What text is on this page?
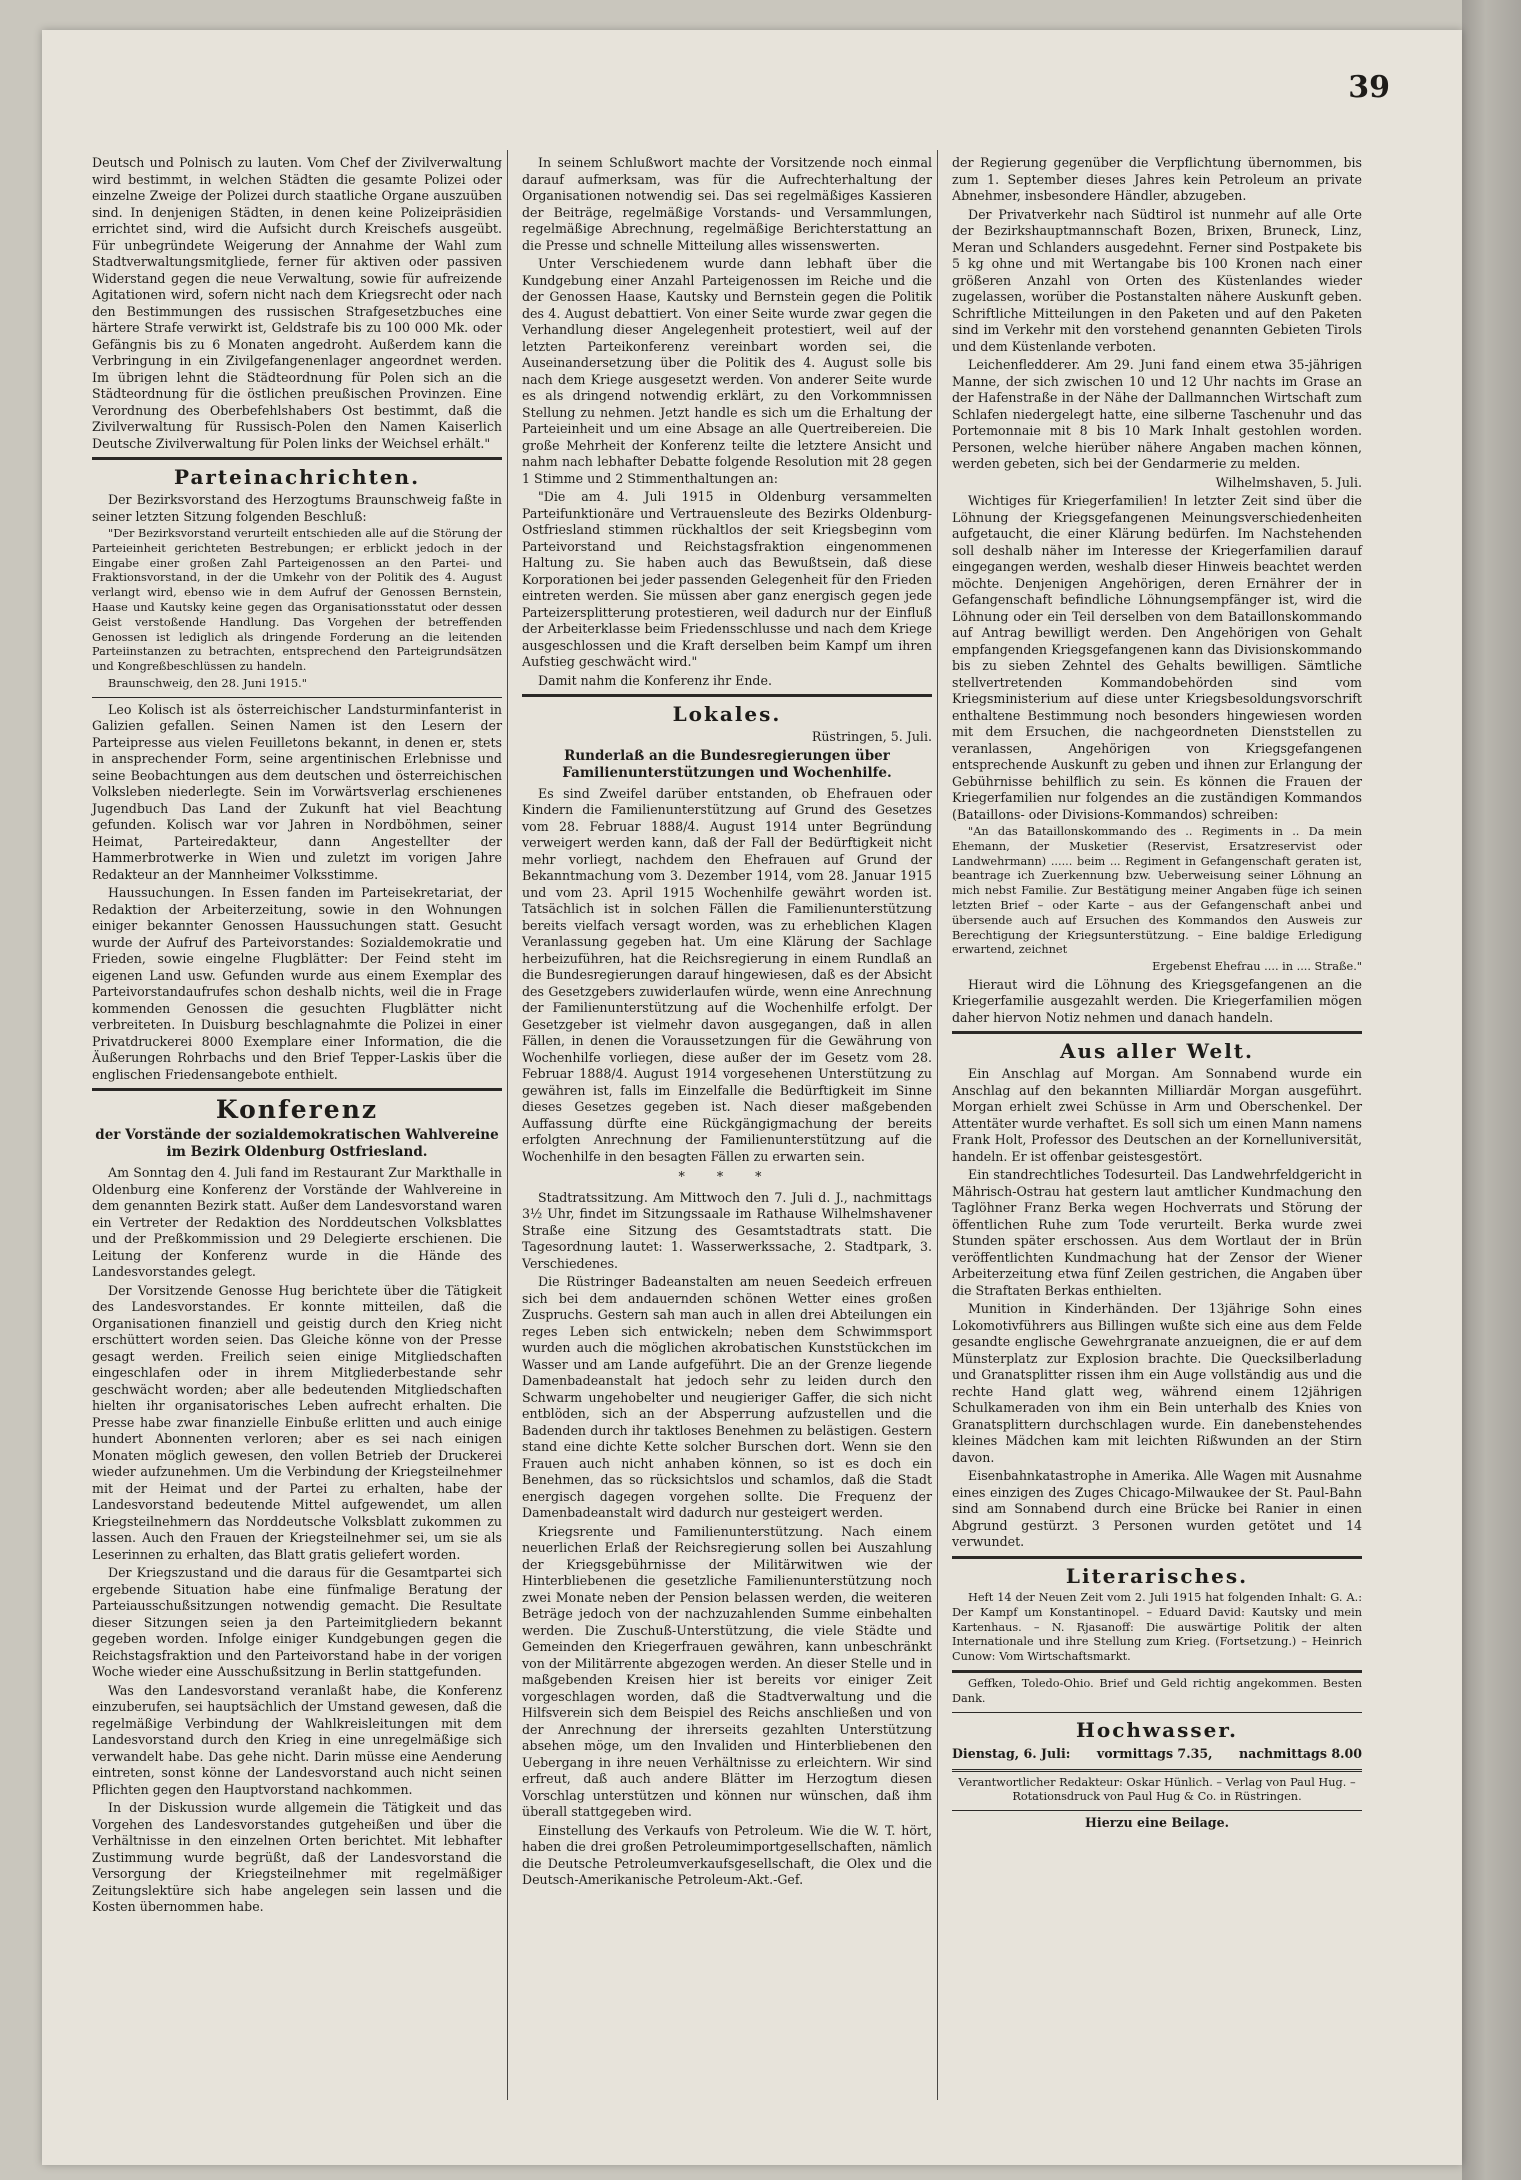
39

Deutsch und Polnisch zu lauten. Vom Chef der Zivilverwaltung wird bestimmt, in welchen Städten die gesamte Polizei oder einzelne Zweige der Polizei durch staatliche Organe auszuüben sind. In denjenigen Städten, in denen keine Polizeipräsidien errichtet sind, wird die Aufsicht durch Kreischefs ausgeübt. Für unbegründete Weigerung der Annahme der Wahl zum Stadtverwaltungsmitgliede, ferner für aktiven oder passiven Widerstand gegen die neue Verwaltung, sowie für aufreizende Agitationen wird, sofern nicht nach dem Kriegsrecht oder nach den Bestimmungen des russischen Strafgesetzbuches eine härtere Strafe verwirkt ist, Geldstrafe bis zu 100 000 Mk. oder Gefängnis bis zu 6 Monaten angedroht. Außerdem kann die Verbringung in ein Zivilgefangenenlager angeordnet werden. Im übrigen lehnt die Städteordnung für Polen sich an die Städteordnung für die östlichen preußischen Provinzen. Eine Verordnung des Oberbefehlshabers Ost bestimmt, daß die Zivilverwaltung für Russisch-Polen den Namen Kaiserlich Deutsche Zivilverwaltung für Polen links der Weichsel erhält."

Parteinachrichten.

Der Bezirksvorstand des Herzogtums Braunschweig faßte in seiner letzten Sitzung folgenden Beschluß:

"Der Bezirksvorstand verurteilt entschieden alle auf die Störung der Parteieinheit gerichteten Bestrebungen; er erblickt jedoch in der Eingabe einer großen Zahl Parteigenossen an den Partei- und Fraktionsvorstand, in der die Umkehr von der Politik des 4. August verlangt wird, ebenso wie in dem Aufruf der Genossen Bernstein, Haase und Kautsky keine gegen das Organisationsstatut oder dessen Geist verstoßende Handlung. Das Vorgehen der betreffenden Genossen ist lediglich als dringende Forderung an die leitenden Parteiinstanzen zu betrachten, entsprechend den Parteigrundsätzen und Kongreßbeschlüssen zu handeln.

Braunschweig, den 28. Juni 1915."

Leo Kolisch ist als österreichischer Landsturminfanterist in Galizien gefallen. Seinen Namen ist den Lesern der Parteipresse aus vielen Feuilletons bekannt, in denen er, stets in ansprechender Form, seine argentinischen Erlebnisse und seine Beobachtungen aus dem deutschen und österreichischen Volksleben niederlegte. Sein im Vorwärtsverlag erschienenes Jugendbuch Das Land der Zukunft hat viel Beachtung gefunden. Kolisch war vor Jahren in Nordböhmen, seiner Heimat, Parteiredakteur, dann Angestellter der Hammerbrotwerke in Wien und zuletzt im vorigen Jahre Redakteur an der Mannheimer Volksstimme.

Haussuchungen. In Essen fanden im Parteisekretariat, der Redaktion der Arbeiterzeitung, sowie in den Wohnungen einiger bekannter Genossen Haussuchungen statt. Gesucht wurde der Aufruf des Parteivorstandes: Sozialdemokratie und Frieden, sowie eingelne Flugblätter: Der Feind steht im eigenen Land usw. Gefunden wurde aus einem Exemplar des Parteivorstandaufrufes schon deshalb nichts, weil die in Frage kommenden Genossen die gesuchten Flugblätter nicht verbreiteten. In Duisburg beschlagnahmte die Polizei in einer Privatdruckerei 8000 Exemplare einer Information, die die Äußerungen Rohrbachs und den Brief Tepper-Laskis über die englischen Friedensangebote enthielt.

Konferenz
der Vorstände der sozialdemokratischen Wahlvereine im Bezirk Oldenburg Ostfriesland.

Am Sonntag den 4. Juli fand im Restaurant Zur Markthalle in Oldenburg eine Konferenz der Vorstände der Wahlvereine in dem genannten Bezirk statt. Außer dem Landesvorstand waren ein Vertreter der Redaktion des Norddeutschen Volksblattes und der Preßkommission und 29 Delegierte erschienen. Die Leitung der Konferenz wurde in die Hände des Landesvorstandes gelegt.

Der Vorsitzende Genosse Hug berichtete über die Tätigkeit des Landesvorstandes. Er konnte mitteilen, daß die Organisationen finanziell und geistig durch den Krieg nicht erschüttert worden seien. Das Gleiche könne von der Presse gesagt werden. Freilich seien einige Mitgliedschaften eingeschlafen oder in ihrem Mitgliederbestande sehr geschwächt worden; aber alle bedeutenden Mitgliedschaften hielten ihr organisatorisches Leben aufrecht erhalten. Die Presse habe zwar finanzielle Einbuße erlitten und auch einige hundert Abonnenten verloren; aber es sei nach einigen Monaten möglich gewesen, den vollen Betrieb der Druckerei wieder aufzunehmen. Um die Verbindung der Kriegsteilnehmer mit der Heimat und der Partei zu erhalten, habe der Landesvorstand bedeutende Mittel aufgewendet, um allen Kriegsteilnehmern das Norddeutsche Volksblatt zukommen zu lassen. Auch den Frauen der Kriegsteilnehmer sei, um sie als Leserinnen zu erhalten, das Blatt gratis geliefert worden.

Der Kriegszustand und die daraus für die Gesamtpartei sich ergebende Situation habe eine fünfmalige Beratung der Parteiausschußsitzungen notwendig gemacht. Die Resultate dieser Sitzungen seien ja den Parteimitgliedern bekannt gegeben worden. Infolge einiger Kundgebungen gegen die Reichstagsfraktion und den Parteivorstand habe in der vorigen Woche wieder eine Ausschußsitzung in Berlin stattgefunden.

Was den Landesvorstand veranlaßt habe, die Konferenz einzuberufen, sei hauptsächlich der Umstand gewesen, daß die regelmäßige Verbindung der Wahlkreisleitungen mit dem Landesvorstand durch den Krieg in eine unregelmäßige sich verwandelt habe. Das gehe nicht. Darin müsse eine Aenderung eintreten, sonst könne der Landesvorstand auch nicht seinen Pflichten gegen den Hauptvorstand nachkommen.

In der Diskussion wurde allgemein die Tätigkeit und das Vorgehen des Landesvorstandes gutgeheißen und über die Verhältnisse in den einzelnen Orten berichtet. Mit lebhafter Zustimmung wurde begrüßt, daß der Landesvorstand die Versorgung der Kriegsteilnehmer mit regelmäßiger Zeitungslektüre sich habe angelegen sein lassen und die Kosten übernommen habe.

In seinem Schlußwort machte der Vorsitzende noch einmal darauf aufmerksam, was für die Aufrechterhaltung der Organisationen notwendig sei. Das sei regelmäßiges Kassieren der Beiträge, regelmäßige Vorstands- und Versammlungen, regelmäßige Abrechnung, regelmäßige Berichterstattung an die Presse und schnelle Mitteilung alles wissenswerten.

Unter Verschiedenem wurde dann lebhaft über die Kundgebung einer Anzahl Parteigenossen im Reiche und die der Genossen Haase, Kautsky und Bernstein gegen die Politik des 4. August debattiert. Von einer Seite wurde zwar gegen die Verhandlung dieser Angelegenheit protestiert, weil auf der letzten Parteikonferenz vereinbart worden sei, die Auseinandersetzung über die Politik des 4. August solle bis nach dem Kriege ausgesetzt werden. Von anderer Seite wurde es als dringend notwendig erklärt, zu den Vorkommnissen Stellung zu nehmen. Jetzt handle es sich um die Erhaltung der Parteieinheit und um eine Absage an alle Quertreibereien. Die große Mehrheit der Konferenz teilte die letztere Ansicht und nahm nach lebhafter Debatte folgende Resolution mit 28 gegen 1 Stimme und 2 Stimmenthaltungen an:

"Die am 4. Juli 1915 in Oldenburg versammelten Parteifunktionäre und Vertrauensleute des Bezirks Oldenburg-Ostfriesland stimmen rückhaltlos der seit Kriegsbeginn vom Parteivorstand und Reichstagsfraktion eingenommenen Haltung zu. Sie haben auch das Bewußtsein, daß diese Korporationen bei jeder passenden Gelegenheit für den Frieden eintreten werden. Sie müssen aber ganz energisch gegen jede Parteizersplitterung protestieren, weil dadurch nur der Einfluß der Arbeiterklasse beim Friedensschlusse und nach dem Kriege ausgeschlossen und die Kraft derselben beim Kampf um ihren Aufstieg geschwächt wird."

Damit nahm die Konferenz ihr Ende.

Lokales.

Rüstringen, 5. Juli.

Runderlaß an die Bundesregierungen über Familienunterstützungen und Wochenhilfe.

Es sind Zweifel darüber entstanden, ob Ehefrauen oder Kindern die Familienunterstützung auf Grund des Gesetzes vom 28. Februar 1888/4. August 1914 unter Begründung verweigert werden kann, daß der Fall der Bedürftigkeit nicht mehr vorliegt, nachdem den Ehefrauen auf Grund der Bekanntmachung vom 3. Dezember 1914, vom 28. Januar 1915 und vom 23. April 1915 Wochenhilfe gewährt worden ist. Tatsächlich ist in solchen Fällen die Familienunterstützung bereits vielfach versagt worden, was zu erheblichen Klagen Veranlassung gegeben hat. Um eine Klärung der Sachlage herbeizuführen, hat die Reichsregierung in einem Rundlaß an die Bundesregierungen darauf hingewiesen, daß es der Absicht des Gesetzgebers zuwiderlaufen würde, wenn eine Anrechnung der Familienunterstützung auf die Wochenhilfe erfolgt. Der Gesetzgeber ist vielmehr davon ausgegangen, daß in allen Fällen, in denen die Voraussetzungen für die Gewährung von Wochenhilfe vorliegen, diese außer der im Gesetz vom 28. Februar 1888/4. August 1914 vorgesehenen Unterstützung zu gewähren ist, falls im Einzelfalle die Bedürftigkeit im Sinne dieses Gesetzes gegeben ist. Nach dieser maßgebenden Auffassung dürfte eine Rückgängigmachung der bereits erfolgten Anrechnung der Familienunterstützung auf die Wochenhilfe in den besagten Fällen zu erwarten sein.

* * *

Stadtratssitzung. Am Mittwoch den 7. Juli d. J., nachmittags 3½ Uhr, findet im Sitzungssaale im Rathause Wilhelmshavener Straße eine Sitzung des Gesamtstadtrats statt. Die Tagesordnung lautet: 1. Wasserwerkssache, 2. Stadtpark, 3. Verschiedenes.

Die Rüstringer Badeanstalten am neuen Seedeich erfreuen sich bei dem andauernden schönen Wetter eines großen Zuspruchs. Gestern sah man auch in allen drei Abteilungen ein reges Leben sich entwickeln; neben dem Schwimmsport wurden auch die möglichen akrobatischen Kunststückchen im Wasser und am Lande aufgeführt. Die an der Grenze liegende Damenbadeanstalt hat jedoch sehr zu leiden durch den Schwarm ungehobelter und neugieriger Gaffer, die sich nicht entblöden, sich an der Absperrung aufzustellen und die Badenden durch ihr taktloses Benehmen zu belästigen. Gestern stand eine dichte Kette solcher Burschen dort. Wenn sie den Frauen auch nicht anhaben können, so ist es doch ein Benehmen, das so rücksichtslos und schamlos, daß die Stadt energisch dagegen vorgehen sollte. Die Frequenz der Damenbadeanstalt wird dadurch nur gesteigert werden.

Kriegsrente und Familienunterstützung. Nach einem neuerlichen Erlaß der Reichsregierung sollen bei Auszahlung der Kriegsgebührnisse der Militärwitwen wie der Hinterbliebenen die gesetzliche Familienunterstützung noch zwei Monate neben der Pension belassen werden, die weiteren Beträge jedoch von der nachzuzahlenden Summe einbehalten werden. Die Zuschuß-Unterstützung, die viele Städte und Gemeinden den Kriegerfrauen gewähren, kann unbeschränkt von der Militärrente abgezogen werden. An dieser Stelle und in maßgebenden Kreisen hier ist bereits vor einiger Zeit vorgeschlagen worden, daß die Stadtverwaltung und die Hilfsverein sich dem Beispiel des Reichs anschließen und von der Anrechnung der ihrerseits gezahlten Unterstützung absehen möge, um den Invaliden und Hinterbliebenen den Uebergang in ihre neuen Verhältnisse zu erleichtern. Wir sind erfreut, daß auch andere Blätter im Herzogtum diesen Vorschlag unterstützen und können nur wünschen, daß ihm überall stattgegeben wird.

Einstellung des Verkaufs von Petroleum. Wie die W. T. hört, haben die drei großen Petroleumimportgesellschaften, nämlich die Deutsche Petroleumverkaufsgesellschaft, die Olex und die Deutsch-Amerikanische Petroleum-Akt.-Gef.

der Regierung gegenüber die Verpflichtung übernommen, bis zum 1. September dieses Jahres kein Petroleum an private Abnehmer, insbesondere Händler, abzugeben.

Der Privatverkehr nach Südtirol ist nunmehr auf alle Orte der Bezirkshauptmannschaft Bozen, Brixen, Bruneck, Linz, Meran und Schlanders ausgedehnt. Ferner sind Postpakete bis 5 kg ohne und mit Wertangabe bis 100 Kronen nach einer größeren Anzahl von Orten des Küstenlandes wieder zugelassen, worüber die Postanstalten nähere Auskunft geben. Schriftliche Mitteilungen in den Paketen und auf den Paketen sind im Verkehr mit den vorstehend genannten Gebieten Tirols und dem Küstenlande verboten.

Leichenfledderer. Am 29. Juni fand einem etwa 35-jährigen Manne, der sich zwischen 10 und 12 Uhr nachts im Grase an der Hafenstraße in der Nähe der Dallmannchen Wirtschaft zum Schlafen niedergelegt hatte, eine silberne Taschenuhr und das Portemonnaie mit 8 bis 10 Mark Inhalt gestohlen worden. Personen, welche hierüber nähere Angaben machen können, werden gebeten, sich bei der Gendarmerie zu melden.

Wilhelmshaven, 5. Juli.

Wichtiges für Kriegerfamilien! In letzter Zeit sind über die Löhnung der Kriegsgefangenen Meinungsverschiedenheiten aufgetaucht, die einer Klärung bedürfen. Im Nachstehenden soll deshalb näher im Interesse der Kriegerfamilien darauf eingegangen werden, weshalb dieser Hinweis beachtet werden möchte. Denjenigen Angehörigen, deren Ernährer der in Gefangenschaft befindliche Löhnungsempfänger ist, wird die Löhnung oder ein Teil derselben von dem Bataillonskommando auf Antrag bewilligt werden. Den Angehörigen von Gehalt empfangenden Kriegsgefangenen kann das Divisionskommando bis zu sieben Zehntel des Gehalts bewilligen. Sämtliche stellvertretenden Kommandobehörden sind vom Kriegsministerium auf diese unter Kriegsbesoldungsvorschrift enthaltene Bestimmung noch besonders hingewiesen worden mit dem Ersuchen, die nachgeordneten Dienststellen zu veranlassen, Angehörigen von Kriegsgefangenen entsprechende Auskunft zu geben und ihnen zur Erlangung der Gebührnisse behilflich zu sein. Es können die Frauen der Kriegerfamilien nur folgendes an die zuständigen Kommandos (Bataillons- oder Divisions-Kommandos) schreiben:

"An das Bataillonskommando des .. Regiments in .. Da mein Ehemann, der Musketier (Reservist, Ersatzreservist oder Landwehrmann) ...... beim ... Regiment in Gefangenschaft geraten ist, beantrage ich Zuerkennung bzw. Ueberweisung seiner Löhnung an mich nebst Familie. Zur Bestätigung meiner Angaben füge ich seinen letzten Brief – oder Karte – aus der Gefangenschaft anbei und übersende auch auf Ersuchen des Kommandos den Ausweis zur Berechtigung der Kriegsunterstützung. – Eine baldige Erledigung erwartend, zeichnet

Ergebenst Ehefrau .... in .... Straße."

Hieraut wird die Löhnung des Kriegsgefangenen an die Kriegerfamilie ausgezahlt werden. Die Kriegerfamilien mögen daher hiervon Notiz nehmen und danach handeln.

Aus aller Welt.

Ein Anschlag auf Morgan. Am Sonnabend wurde ein Anschlag auf den bekannten Milliardär Morgan ausgeführt. Morgan erhielt zwei Schüsse in Arm und Oberschenkel. Der Attentäter wurde verhaftet. Es soll sich um einen Mann namens Frank Holt, Professor des Deutschen an der Kornelluniversität, handeln. Er ist offenbar geistesgestört.

Ein standrechtliches Todesurteil. Das Landwehrfeldgericht in Mährisch-Ostrau hat gestern laut amtlicher Kundmachung den Taglöhner Franz Berka wegen Hochverrats und Störung der öffentlichen Ruhe zum Tode verurteilt. Berka wurde zwei Stunden später erschossen. Aus dem Wortlaut der in Brün veröffentlichten Kundmachung hat der Zensor der Wiener Arbeiterzeitung etwa fünf Zeilen gestrichen, die Angaben über die Straftaten Berkas enthielten.

Munition in Kinderhänden. Der 13jährige Sohn eines Lokomotivführers aus Billingen wußte sich eine aus dem Felde gesandte englische Gewehrgranate anzueignen, die er auf dem Münsterplatz zur Explosion brachte. Die Quecksilberladung und Granatsplitter rissen ihm ein Auge vollständig aus und die rechte Hand glatt weg, während einem 12jährigen Schulkameraden von ihm ein Bein unterhalb des Knies von Granatsplittern durchschlagen wurde. Ein danebenstehendes kleines Mädchen kam mit leichten Rißwunden an der Stirn davon.

Eisenbahnkatastrophe in Amerika. Alle Wagen mit Ausnahme eines einzigen des Zuges Chicago-Milwaukee der St. Paul-Bahn sind am Sonnabend durch eine Brücke bei Ranier in einen Abgrund gestürzt. 3 Personen wurden getötet und 14 verwundet.

Literarisches.

Heft 14 der Neuen Zeit vom 2. Juli 1915 hat folgenden Inhalt: G. A.: Der Kampf um Konstantinopel. – Eduard David: Kautsky und mein Kartenhaus. – N. Rjasanoff: Die auswärtige Politik der alten Internationale und ihre Stellung zum Krieg. (Fortsetzung.) – Heinrich Cunow: Vom Wirtschaftsmarkt.

Geffken, Toledo-Ohio. Brief und Geld richtig angekommen. Besten Dank.

Hochwasser.
Dienstag, 6. Juli: vormittags 7.35, nachmittags 8.00

Verantwortlicher Redakteur: Oskar Hünlich. – Verlag von Paul Hug. – Rotationsdruck von Paul Hug & Co. in Rüstringen.

Hierzu eine Beilage.
